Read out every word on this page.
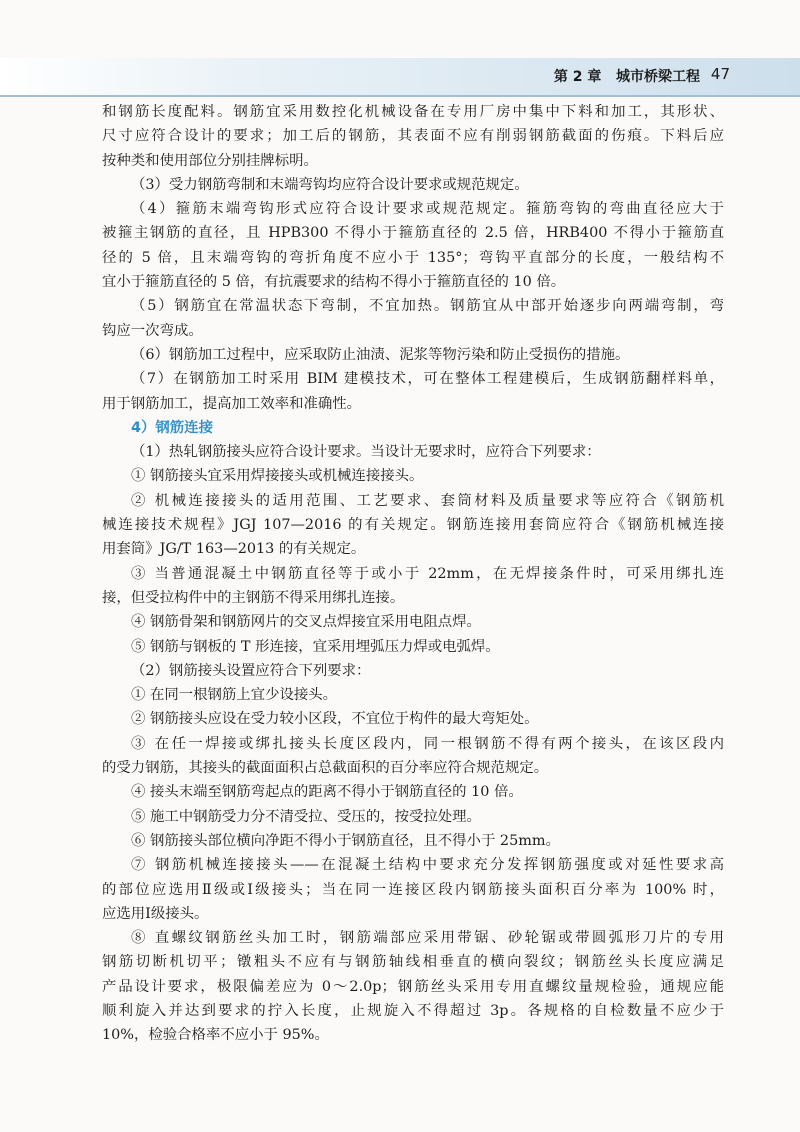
第 2 章   城市桥梁工程 47
和钢筋长度配料。钢筋宜采用数控化机械设备在专用厂房中集中下料和加工，其形状、
尺寸应符合设计的要求；加工后的钢筋，其表面不应有削弱钢筋截面的伤痕。下料后应
按种类和使用部位分别挂牌标明。
（3）受力钢筋弯制和末端弯钩均应符合设计要求或规范规定。
（4）箍筋末端弯钩形式应符合设计要求或规范规定。箍筋弯钩的弯曲直径应大于
被箍主钢筋的直径，且 HPB300 不得小于箍筋直径的 2.5 倍，HRB400 不得小于箍筋直
径的 5 倍，且末端弯钩的弯折角度不应小于 135°；弯钩平直部分的长度，一般结构不
宜小于箍筋直径的 5 倍，有抗震要求的结构不得小于箍筋直径的 10 倍。
（5）钢筋宜在常温状态下弯制，不宜加热。钢筋宜从中部开始逐步向两端弯制，弯
钩应一次弯成。
（6）钢筋加工过程中，应采取防止油渍、泥浆等物污染和防止受损伤的措施。
（7）在钢筋加工时采用 BIM 建模技术，可在整体工程建模后，生成钢筋翻样料单，
用于钢筋加工，提高加工效率和准确性。
4）钢筋连接
（1）热轧钢筋接头应符合设计要求。当设计无要求时，应符合下列要求：
① 钢筋接头宜采用焊接接头或机械连接接头。
② 机械连接接头的适用范围、工艺要求、套筒材料及质量要求等应符合《钢筋机
械连接技术规程》JGJ 107—2016 的有关规定。钢筋连接用套筒应符合《钢筋机械连接
用套筒》JG/T 163—2013 的有关规定。
③ 当普通混凝土中钢筋直径等于或小于 22mm，在无焊接条件时，可采用绑扎连
接，但受拉构件中的主钢筋不得采用绑扎连接。
④ 钢筋骨架和钢筋网片的交叉点焊接宜采用电阻点焊。
⑤ 钢筋与钢板的 T 形连接，宜采用埋弧压力焊或电弧焊。
（2）钢筋接头设置应符合下列要求：
① 在同一根钢筋上宜少设接头。
② 钢筋接头应设在受力较小区段，不宜位于构件的最大弯矩处。
③ 在任一焊接或绑扎接头长度区段内，同一根钢筋不得有两个接头，在该区段内
的受力钢筋，其接头的截面面积占总截面积的百分率应符合规范规定。
④ 接头末端至钢筋弯起点的距离不得小于钢筋直径的 10 倍。
⑤ 施工中钢筋受力分不清受拉、受压的，按受拉处理。
⑥ 钢筋接头部位横向净距不得小于钢筋直径，且不得小于 25mm。
⑦ 钢筋机械连接接头——在混凝土结构中要求充分发挥钢筋强度或对延性要求高
的部位应选用Ⅱ级或Ⅰ级接头；当在同一连接区段内钢筋接头面积百分率为 100% 时，
应选用Ⅰ级接头。
⑧ 直螺纹钢筋丝头加工时，钢筋端部应采用带锯、砂轮锯或带圆弧形刀片的专用
钢筋切断机切平；镦粗头不应有与钢筋轴线相垂直的横向裂纹；钢筋丝头长度应满足
产品设计要求，极限偏差应为 0～2.0p；钢筋丝头采用专用直螺纹量规检验，通规应能
顺利旋入并达到要求的拧入长度，止规旋入不得超过 3p。各规格的自检数量不应少于
10%，检验合格率不应小于 95%。
